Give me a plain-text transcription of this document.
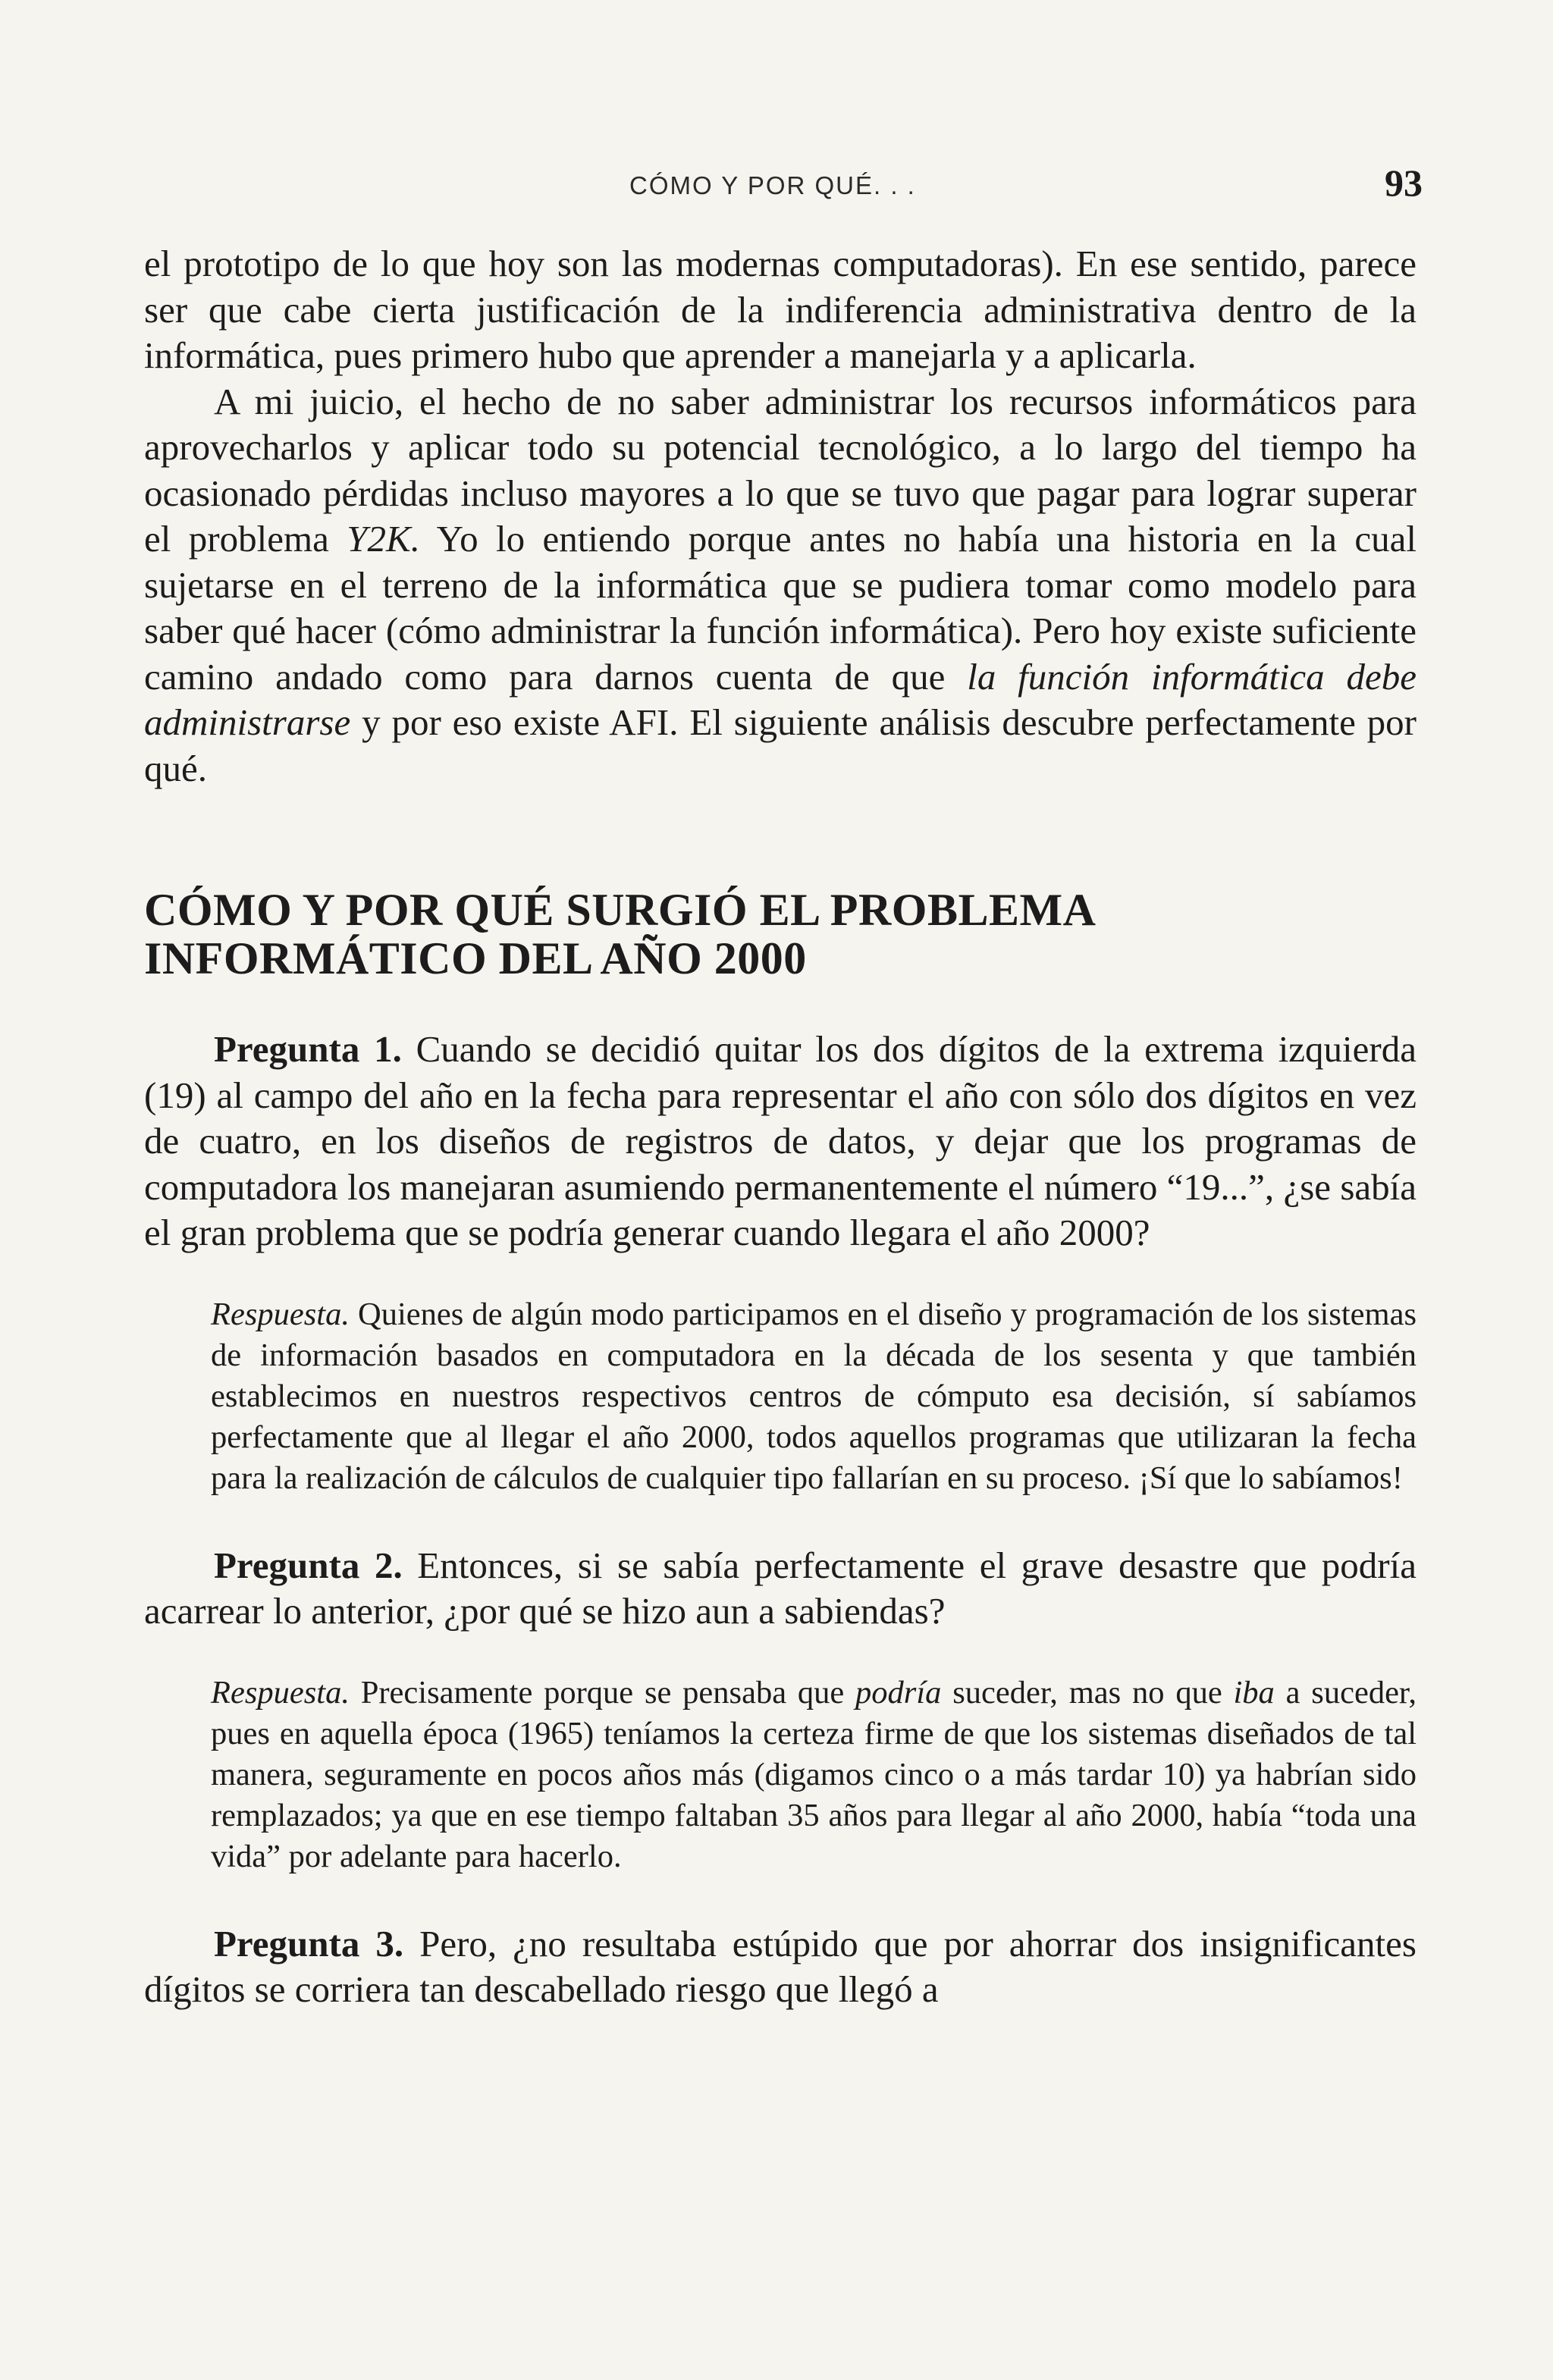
CÓMO Y POR QUÉ. . .	93

el prototipo de lo que hoy son las modernas computadoras). En ese sentido, parece ser que cabe cierta justificación de la indiferencia administrativa dentro de la informática, pues primero hubo que aprender a manejarla y a aplicarla.

A mi juicio, el hecho de no saber administrar los recursos informáticos para aprovecharlos y aplicar todo su potencial tecnológico, a lo largo del tiempo ha ocasionado pérdidas incluso mayores a lo que se tuvo que pagar para lograr superar el problema Y2K. Yo lo entiendo porque antes no había una historia en la cual sujetarse en el terreno de la informática que se pudiera tomar como modelo para saber qué hacer (cómo administrar la función informática). Pero hoy existe suficiente camino andado como para darnos cuenta de que la función informática debe administrarse y por eso existe AFI. El siguiente análisis descubre perfectamente por qué.

CÓMO Y POR QUÉ SURGIÓ EL PROBLEMA
INFORMÁTICO DEL AÑO 2000

Pregunta 1. Cuando se decidió quitar los dos dígitos de la extrema izquierda (19) al campo del año en la fecha para representar el año con sólo dos dígitos en vez de cuatro, en los diseños de registros de datos, y dejar que los programas de computadora los manejaran asumiendo permanentemente el número “19...”, ¿se sabía el gran problema que se podría generar cuando llegara el año 2000?

Respuesta. Quienes de algún modo participamos en el diseño y programación de los sistemas de información basados en computadora en la década de los sesenta y que también establecimos en nuestros respectivos centros de cómputo esa decisión, sí sabíamos perfectamente que al llegar el año 2000, todos aquellos programas que utilizaran la fecha para la realización de cálculos de cualquier tipo fallarían en su proceso. ¡Sí que lo sabíamos!

Pregunta 2. Entonces, si se sabía perfectamente el grave desastre que podría acarrear lo anterior, ¿por qué se hizo aun a sabiendas?

Respuesta. Precisamente porque se pensaba que podría suceder, mas no que iba a suceder, pues en aquella época (1965) teníamos la certeza firme de que los sistemas diseñados de tal manera, seguramente en pocos años más (digamos cinco o a más tardar 10) ya habrían sido remplazados; ya que en ese tiempo faltaban 35 años para llegar al año 2000, había “toda una vida” por adelante para hacerlo.

Pregunta 3. Pero, ¿no resultaba estúpido que por ahorrar dos insignificantes dígitos se corriera tan descabellado riesgo que llegó a
